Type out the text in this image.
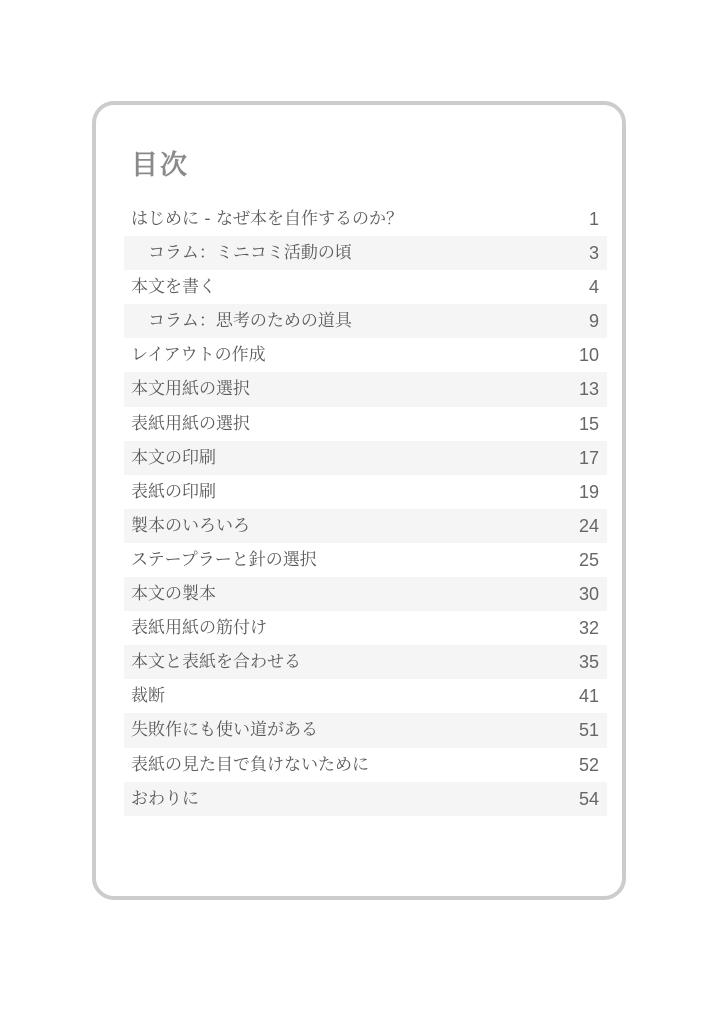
目次
はじめに - なぜ本を自作するのか？	1
コラム：ミニコミ活動の頃	3
本文を書く	4
コラム：思考のための道具	9
レイアウトの作成	10
本文用紙の選択	13
表紙用紙の選択	15
本文の印刷	17
表紙の印刷	19
製本のいろいろ	24
ステープラーと針の選択	25
本文の製本	30
表紙用紙の筋付け	32
本文と表紙を合わせる	35
裁断	41
失敗作にも使い道がある	51
表紙の見た目で負けないために	52
おわりに	54
